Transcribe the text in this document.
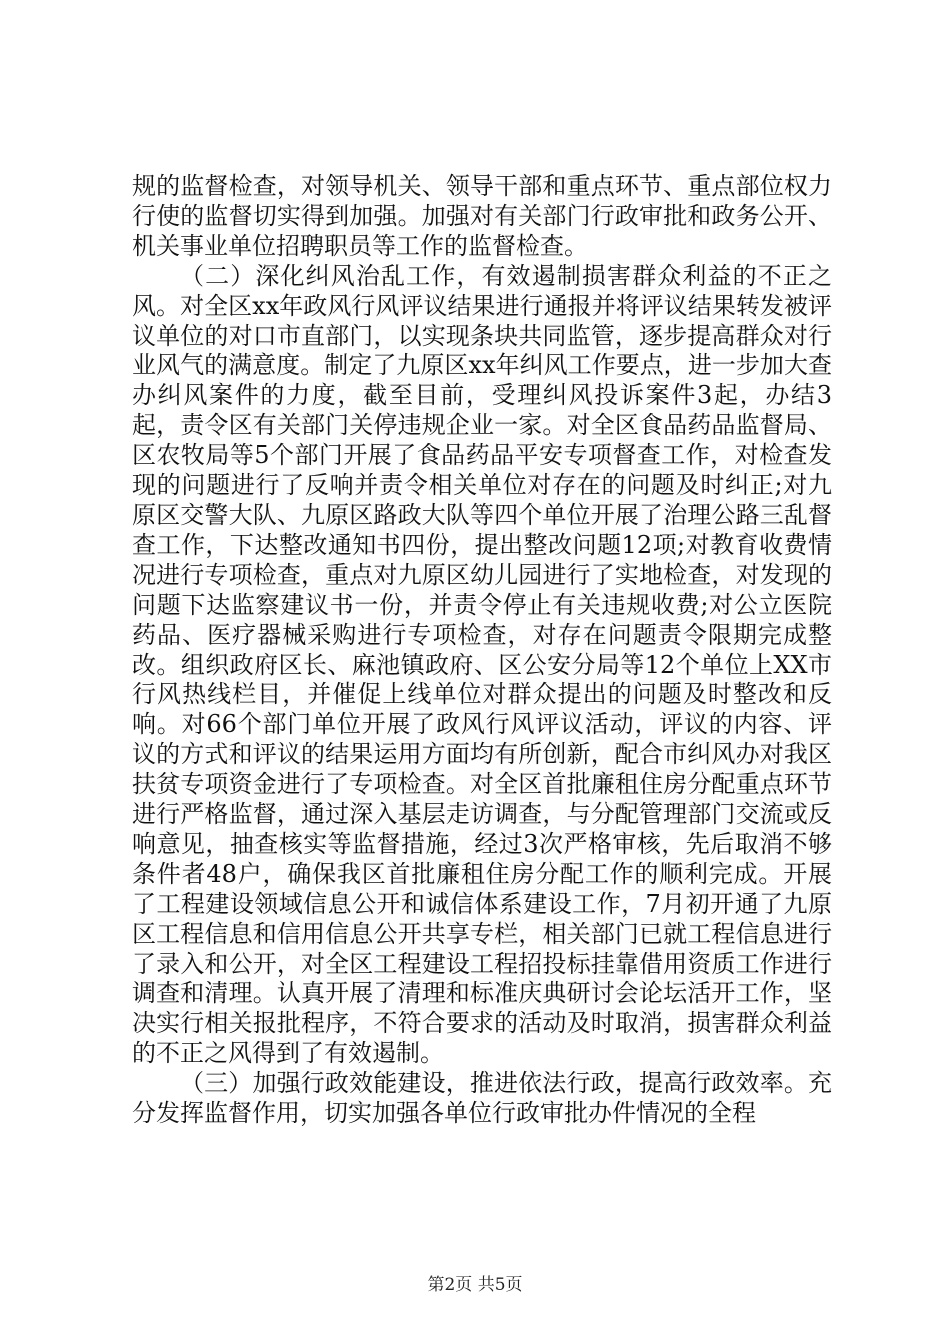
规的监督检查，对领导机关、领导干部和重点环节、重点部位权力行使的监督切实得到加强。加强对有关部门行政审批和政务公开、机关事业单位招聘职员等工作的监督检查。

（二）深化纠风治乱工作，有效遏制损害群众利益的不正之风。对全区xx年政风行风评议结果进行通报并将评议结果转发被评议单位的对口市直部门，以实现条块共同监管，逐步提高群众对行业风气的满意度。制定了九原区xx年纠风工作要点，进一步加大查办纠风案件的力度，截至目前，受理纠风投诉案件3起，办结3起，责令区有关部门关停违规企业一家。对全区食品药品监督局、区农牧局等5个部门开展了食品药品平安专项督查工作，对检查发现的问题进行了反响并责令相关单位对存在的问题及时纠正;对九原区交警大队、九原区路政大队等四个单位开展了治理公路三乱督查工作，下达整改通知书四份，提出整改问题12项;对教育收费情况进行专项检查，重点对九原区幼儿园进行了实地检查，对发现的问题下达监察建议书一份，并责令停止有关违规收费;对公立医院药品、医疗器械采购进行专项检查，对存在问题责令限期完成整改。组织政府区长、麻池镇政府、区公安分局等12个单位上XX市行风热线栏目，并催促上线单位对群众提出的问题及时整改和反响。对66个部门单位开展了政风行风评议活动，评议的内容、评议的方式和评议的结果运用方面均有所创新，配合市纠风办对我区扶贫专项资金进行了专项检查。对全区首批廉租住房分配重点环节进行严格监督，通过深入基层走访调查，与分配管理部门交流或反响意见，抽查核实等监督措施，经过3次严格审核，先后取消不够条件者48户，确保我区首批廉租住房分配工作的顺利完成。开展了工程建设领域信息公开和诚信体系建设工作，7月初开通了九原区工程信息和信用信息公开共享专栏，相关部门已就工程信息进行了录入和公开，对全区工程建设工程招投标挂靠借用资质工作进行调查和清理。认真开展了清理和标准庆典研讨会论坛活开工作，坚决实行相关报批程序，不符合要求的活动及时取消，损害群众利益的不正之风得到了有效遏制。

（三）加强行政效能建设，推进依法行政，提高行政效率。充分发挥监督作用，切实加强各单位行政审批办件情况的全程

第2页 共5页
